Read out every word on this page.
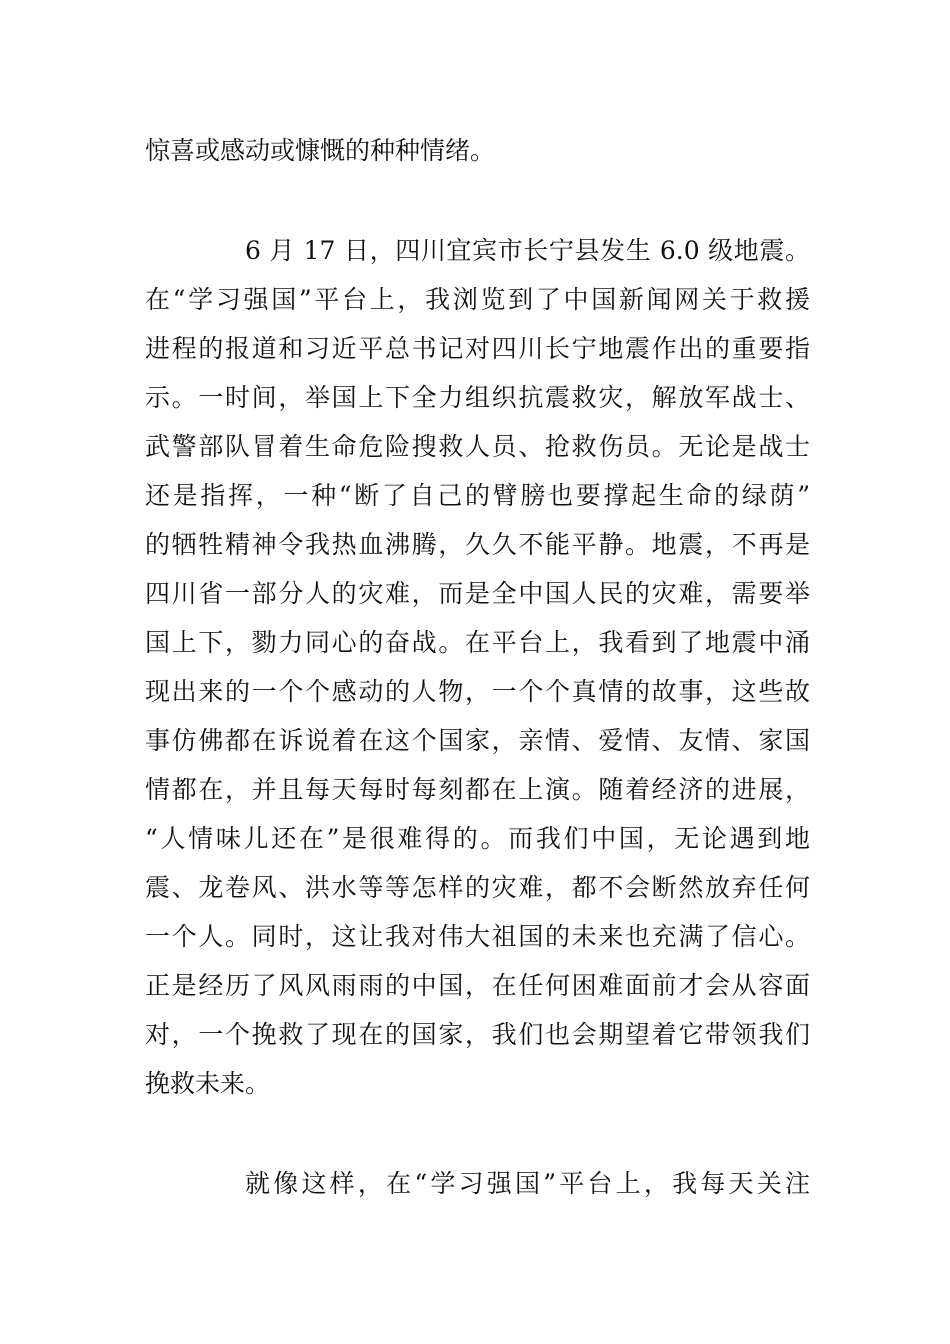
惊喜或感动或慷慨的种种情绪。
6 月 17 日，四川宜宾市长宁县发生 6.0 级地震。
在“学习强国”平台上，我浏览到了中国新闻网关于救援
进程的报道和习近平总书记对四川长宁地震作出的重要指
示。一时间，举国上下全力组织抗震救灾，解放军战士、
武警部队冒着生命危险搜救人员、抢救伤员。无论是战士
还是指挥，一种“断了自己的臂膀也要撑起生命的绿荫”
的牺牲精神令我热血沸腾，久久不能平静。地震，不再是
四川省一部分人的灾难，而是全中国人民的灾难，需要举
国上下，勠力同心的奋战。在平台上，我看到了地震中涌
现出来的一个个感动的人物，一个个真情的故事，这些故
事仿佛都在诉说着在这个国家，亲情、爱情、友情、家国
情都在，并且每天每时每刻都在上演。随着经济的进展，
“人情味儿还在”是很难得的。而我们中国，无论遇到地
震、龙卷风、洪水等等怎样的灾难，都不会断然放弃任何
一个人。同时，这让我对伟大祖国的未来也充满了信心。
正是经历了风风雨雨的中国，在任何困难面前才会从容面
对，一个挽救了现在的国家，我们也会期望着它带领我们
挽救未来。
就像这样，在“学习强国”平台上，我每天关注
